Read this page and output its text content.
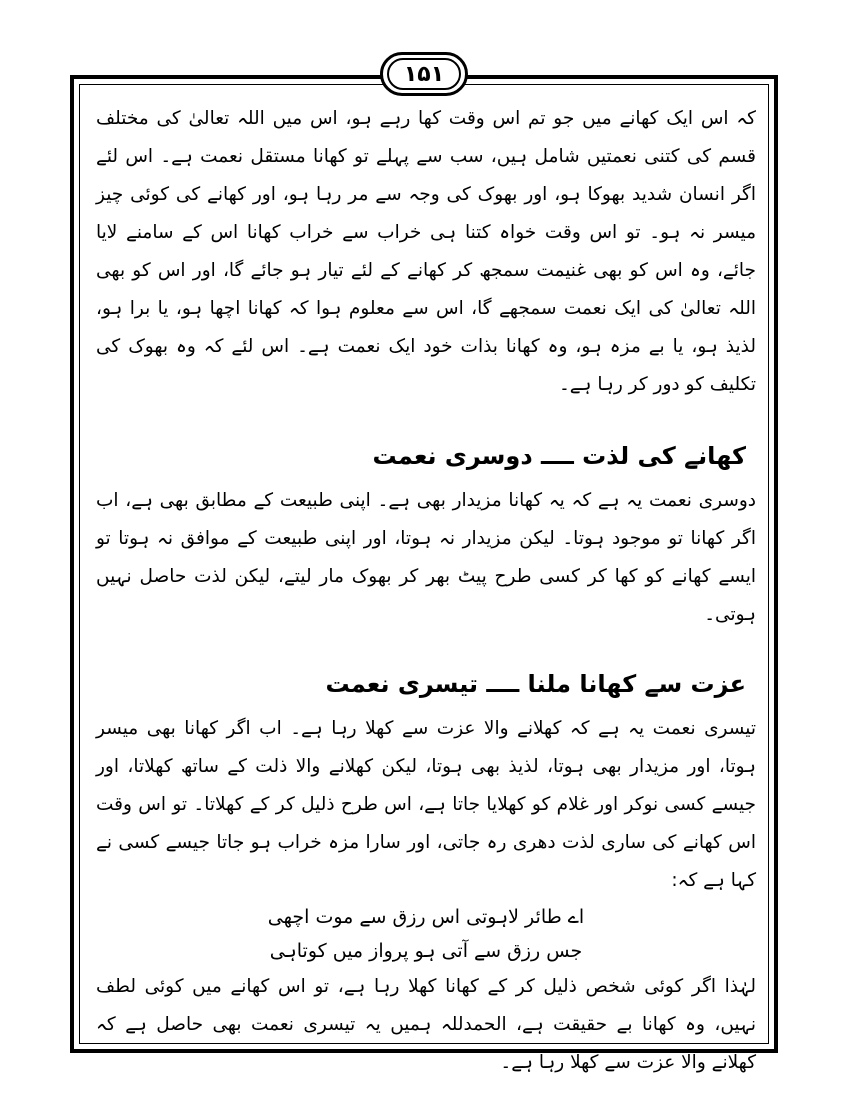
۱۵۱

کہ اس ایک کھانے میں جو تم اس وقت کھا رہے ہو، اس میں اللہ تعالیٰ کی مختلف قسم کی کتنی نعمتیں شامل ہیں، سب سے پہلے تو کھانا مستقل نعمت ہے۔ اس لئے اگر انسان شدید بھوکا ہو، اور بھوک کی وجہ سے مر رہا ہو، اور کھانے کی کوئی چیز میسر نہ ہو۔ تو اس وقت خواہ کتنا ہی خراب سے خراب کھانا اس کے سامنے لایا جائے، وہ اس کو بھی غنیمت سمجھ کر کھانے کے لئے تیار ہو جائے گا، اور اس کو بھی اللہ تعالیٰ کی ایک نعمت سمجھے گا، اس سے معلوم ہوا کہ کھانا اچھا ہو، یا برا ہو، لذیذ ہو، یا بے مزہ ہو، وہ کھانا بذات خود ایک نعمت ہے۔ اس لئے کہ وہ بھوک کی تکلیف کو دور کر رہا ہے۔

کھانے کی لذت ــــ دوسری نعمت

دوسری نعمت یہ ہے کہ یہ کھانا مزیدار بھی ہے۔ اپنی طبیعت کے مطابق بھی ہے، اب اگر کھانا تو موجود ہوتا۔ لیکن مزیدار نہ ہوتا، اور اپنی طبیعت کے موافق نہ ہوتا تو ایسے کھانے کو کھا کر کسی طرح پیٹ بھر کر بھوک مار لیتے، لیکن لذت حاصل نہیں ہوتی۔

عزت سے کھانا ملنا ــــ تیسری نعمت

تیسری نعمت یہ ہے کہ کھلانے والا عزت سے کھلا رہا ہے۔ اب اگر کھانا بھی میسر ہوتا، اور مزیدار بھی ہوتا، لذیذ بھی ہوتا، لیکن کھلانے والا ذلت کے ساتھ کھلاتا، اور جیسے کسی نوکر اور غلام کو کھلایا جاتا ہے، اس طرح ذلیل کر کے کھلاتا۔ تو اس وقت اس کھانے کی ساری لذت دھری رہ جاتی، اور سارا مزہ خراب ہو جاتا جیسے کسی نے کہا ہے کہ:

اے طائر لاہوتی اس رزق سے موت اچھی

جس رزق سے آتی ہو پرواز میں کوتاہی

لہٰذا اگر کوئی شخص ذلیل کر کے کھانا کھلا رہا ہے، تو اس کھانے میں کوئی لطف نہیں، وہ کھانا بے حقیقت ہے، الحمدللہ ہمیں یہ تیسری نعمت بھی حاصل ہے کہ کھلانے والا عزت سے کھلا رہا ہے۔
